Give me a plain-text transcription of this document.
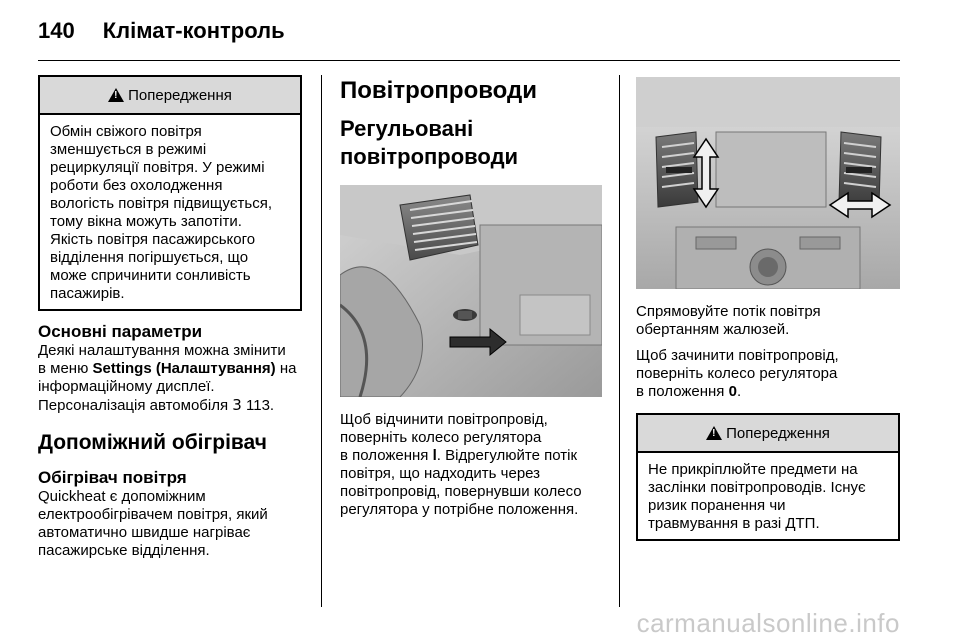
140 Клімат-контроль
!
Попередження
Обмін свіжого повітря
зменшується в режимі
рециркуляції повітря. У режимі
роботи без охолодження
вологість повітря підвищується,
тому вікна можуть запотіти.
Якість повітря пасажирського
відділення погіршується, що
може спричинити сонливість
пасажирів.
Основні параметри
Деякі налаштування можна змінити
в меню Settings (Налаштування) на
інформаційному дисплеї.
Персоналізація автомобіля 3 113.
Допоміжний обігрівач
Обігрівач повітря
Quickheat є допоміжним
електрообігрівачем повітря, який
автоматично швидше нагріває
пасажирське відділення.
Повітропроводи
Регульовані
повітропроводи
Щоб відчинити повітропровід,
поверніть колесо регулятора
в положення l. Відрегулюйте потік
повітря, що надходить через
повітропровід, повернувши колесо
регулятора у потрібне положення.
Спрямовуйте потік повітря
обертанням жалюзей.
Щоб зачинити повітропровід,
поверніть колесо регулятора
в положення 0.
!
Попередження
Не прикріплюйте предмети на
заслінки повітропроводів. Існує
ризик поранення чи
травмування в разі ДТП.
carmanualsonline.info
